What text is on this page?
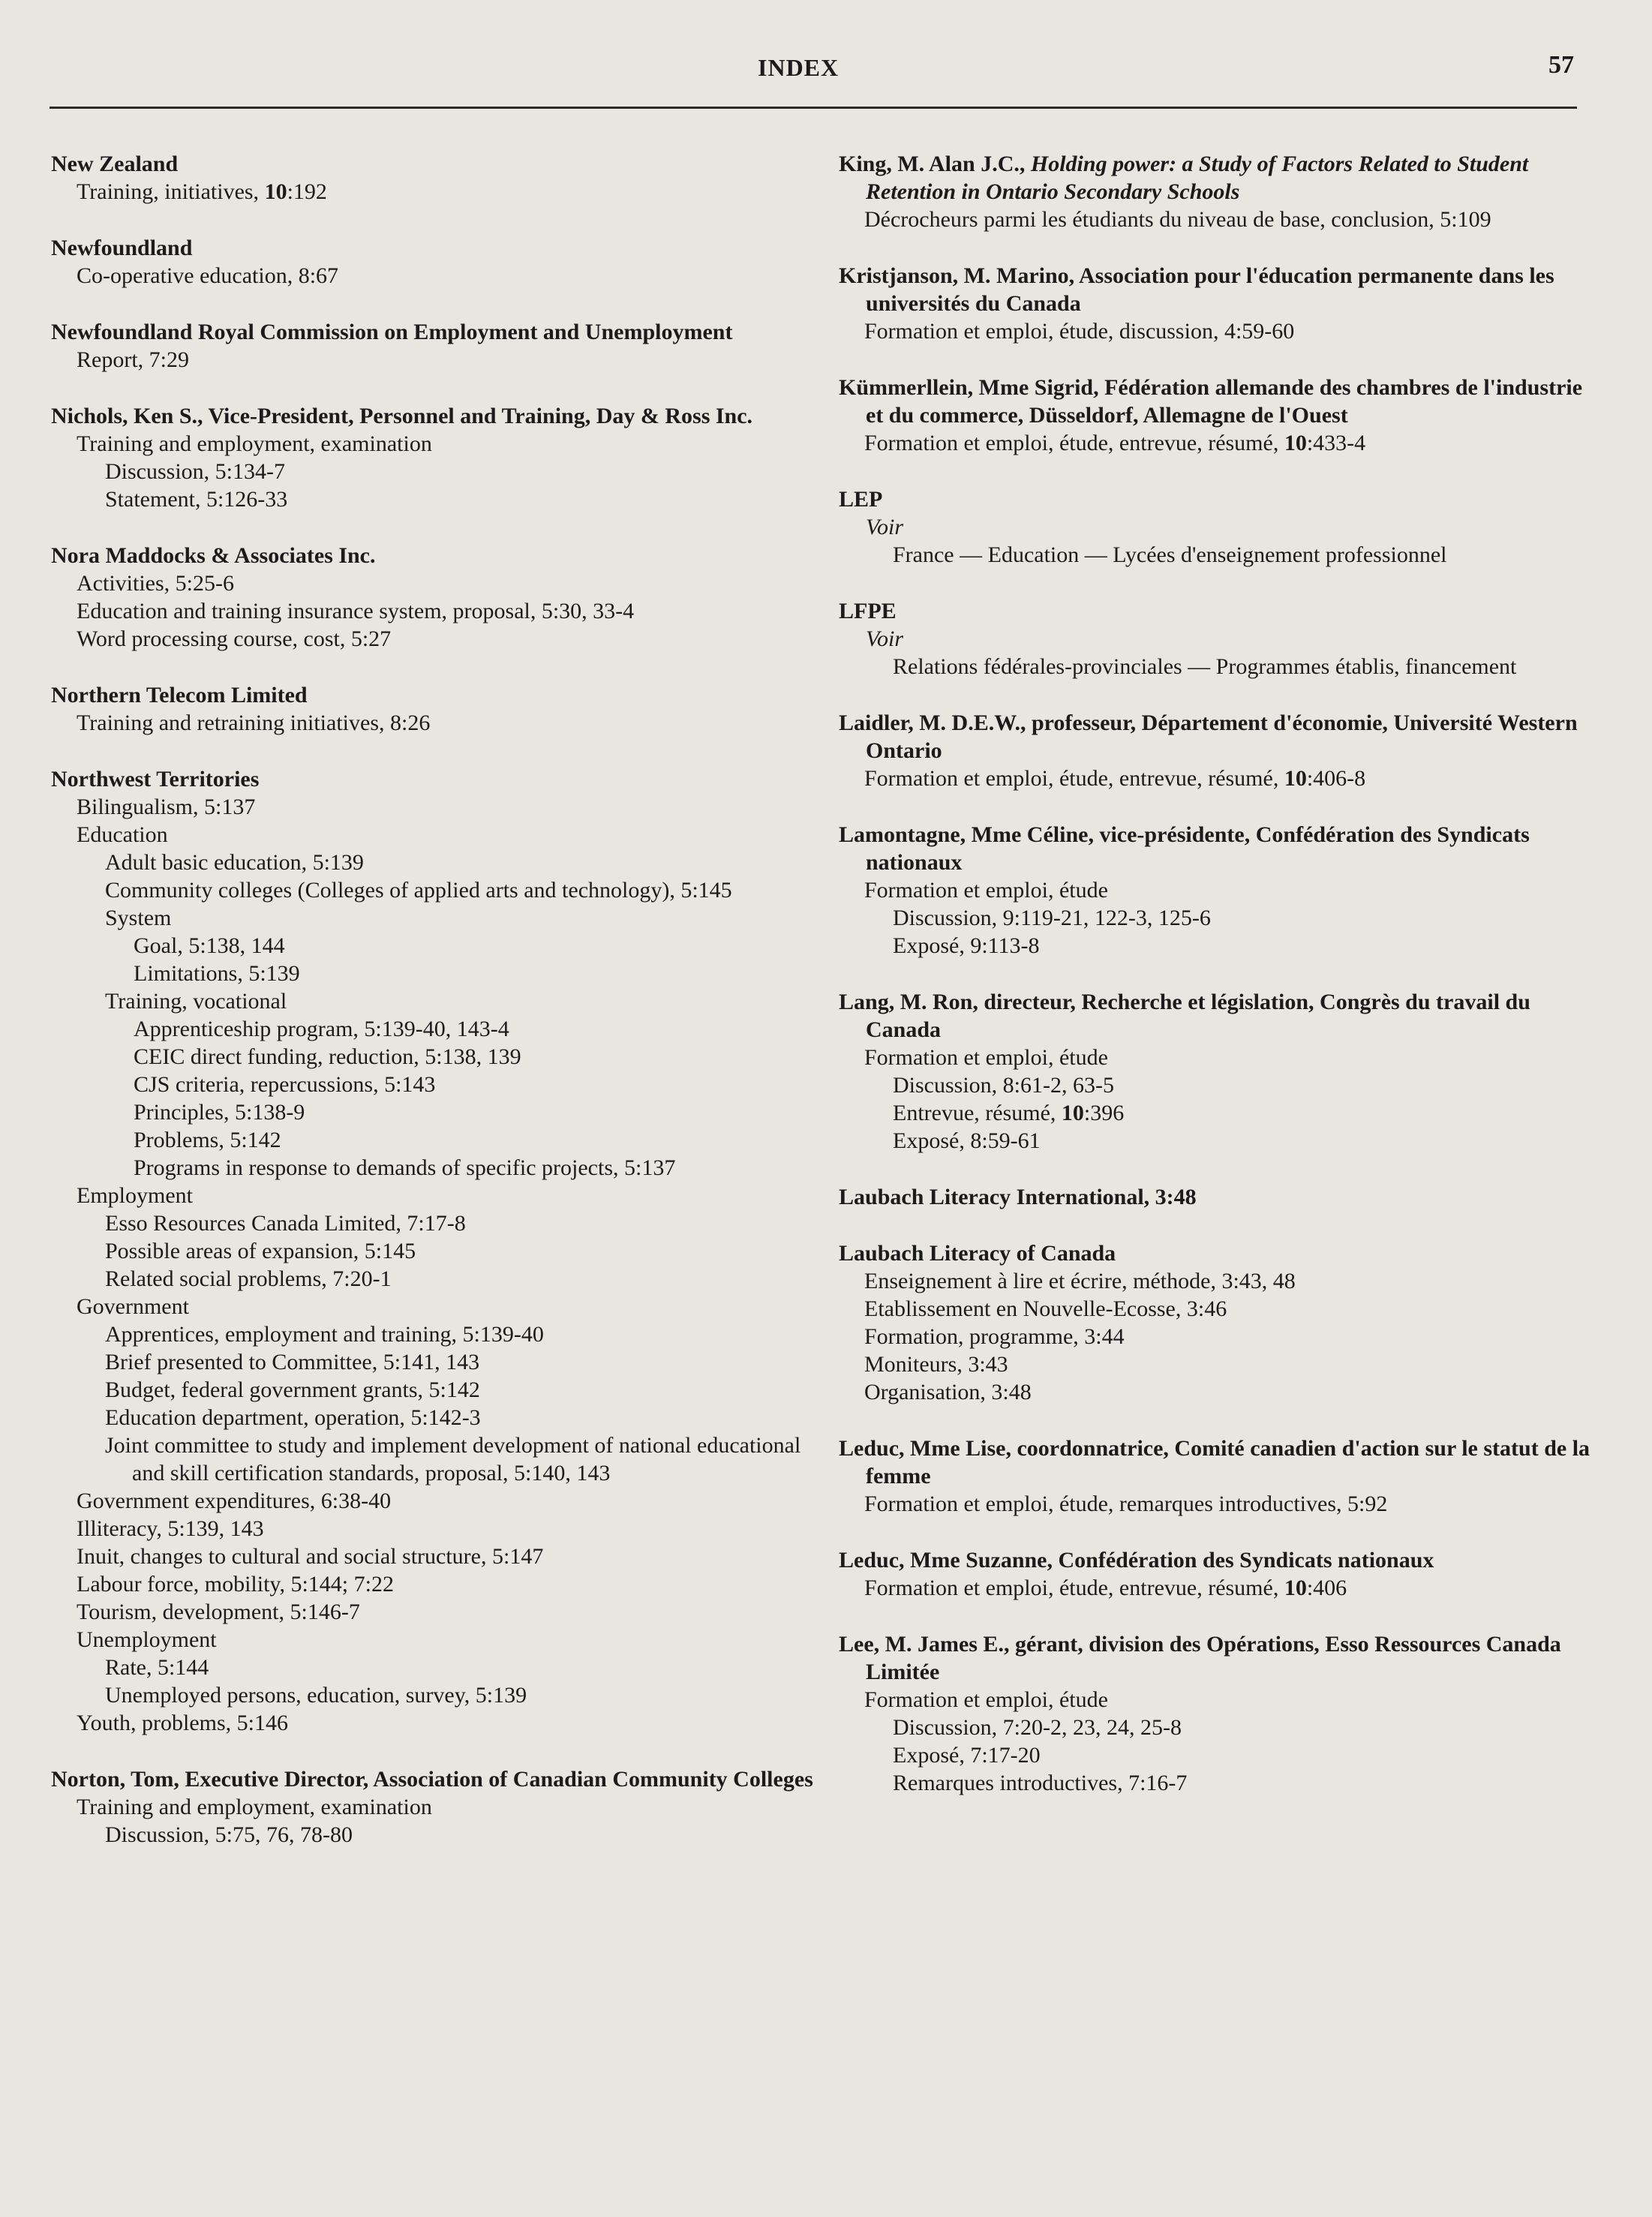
INDEX	57
New Zealand
Training, initiatives, 10:192
Newfoundland
Co-operative education, 8:67
Newfoundland Royal Commission on Employment and Unemployment
Report, 7:29
Nichols, Ken S., Vice-President, Personnel and Training, Day & Ross Inc.
Training and employment, examination
Discussion, 5:134-7
Statement, 5:126-33
Nora Maddocks & Associates Inc.
Activities, 5:25-6
Education and training insurance system, proposal, 5:30, 33-4
Word processing course, cost, 5:27
Northern Telecom Limited
Training and retraining initiatives, 8:26
Northwest Territories
Bilingualism, 5:137
Education
Adult basic education, 5:139
Community colleges (Colleges of applied arts and technology), 5:145
System
Goal, 5:138, 144
Limitations, 5:139
Training, vocational
Apprenticeship program, 5:139-40, 143-4
CEIC direct funding, reduction, 5:138, 139
CJS criteria, repercussions, 5:143
Principles, 5:138-9
Problems, 5:142
Programs in response to demands of specific projects, 5:137
Employment
Esso Resources Canada Limited, 7:17-8
Possible areas of expansion, 5:145
Related social problems, 7:20-1
Government
Apprentices, employment and training, 5:139-40
Brief presented to Committee, 5:141, 143
Budget, federal government grants, 5:142
Education department, operation, 5:142-3
Joint committee to study and implement development of national educational and skill certification standards, proposal, 5:140, 143
Government expenditures, 6:38-40
Illiteracy, 5:139, 143
Inuit, changes to cultural and social structure, 5:147
Labour force, mobility, 5:144; 7:22
Tourism, development, 5:146-7
Unemployment
Rate, 5:144
Unemployed persons, education, survey, 5:139
Youth, problems, 5:146
Norton, Tom, Executive Director, Association of Canadian Community Colleges
Training and employment, examination
Discussion, 5:75, 76, 78-80
King, M. Alan J.C., Holding power: a Study of Factors Related to Student Retention in Ontario Secondary Schools
Décrocheurs parmi les étudiants du niveau de base, conclusion, 5:109
Kristjanson, M. Marino, Association pour l'éducation permanente dans les universités du Canada
Formation et emploi, étude, discussion, 4:59-60
Kümmerllein, Mme Sigrid, Fédération allemande des chambres de l'industrie et du commerce, Düsseldorf, Allemagne de l'Ouest
Formation et emploi, étude, entrevue, résumé, 10:433-4
LEP
Voir
France — Education — Lycées d'enseignement professionnel
LFPE
Voir
Relations fédérales-provinciales — Programmes établis, financement
Laidler, M. D.E.W., professeur, Département d'économie, Université Western Ontario
Formation et emploi, étude, entrevue, résumé, 10:406-8
Lamontagne, Mme Céline, vice-présidente, Confédération des Syndicats nationaux
Formation et emploi, étude
Discussion, 9:119-21, 122-3, 125-6
Exposé, 9:113-8
Lang, M. Ron, directeur, Recherche et législation, Congrès du travail du Canada
Formation et emploi, étude
Discussion, 8:61-2, 63-5
Entrevue, résumé, 10:396
Exposé, 8:59-61
Laubach Literacy International, 3:48
Laubach Literacy of Canada
Enseignement à lire et écrire, méthode, 3:43, 48
Etablissement en Nouvelle-Ecosse, 3:46
Formation, programme, 3:44
Moniteurs, 3:43
Organisation, 3:48
Leduc, Mme Lise, coordonnatrice, Comité canadien d'action sur le statut de la femme
Formation et emploi, étude, remarques introductives, 5:92
Leduc, Mme Suzanne, Confédération des Syndicats nationaux
Formation et emploi, étude, entrevue, résumé, 10:406
Lee, M. James E., gérant, division des Opérations, Esso Ressources Canada Limitée
Formation et emploi, étude
Discussion, 7:20-2, 23, 24, 25-8
Exposé, 7:17-20
Remarques introductives, 7:16-7
